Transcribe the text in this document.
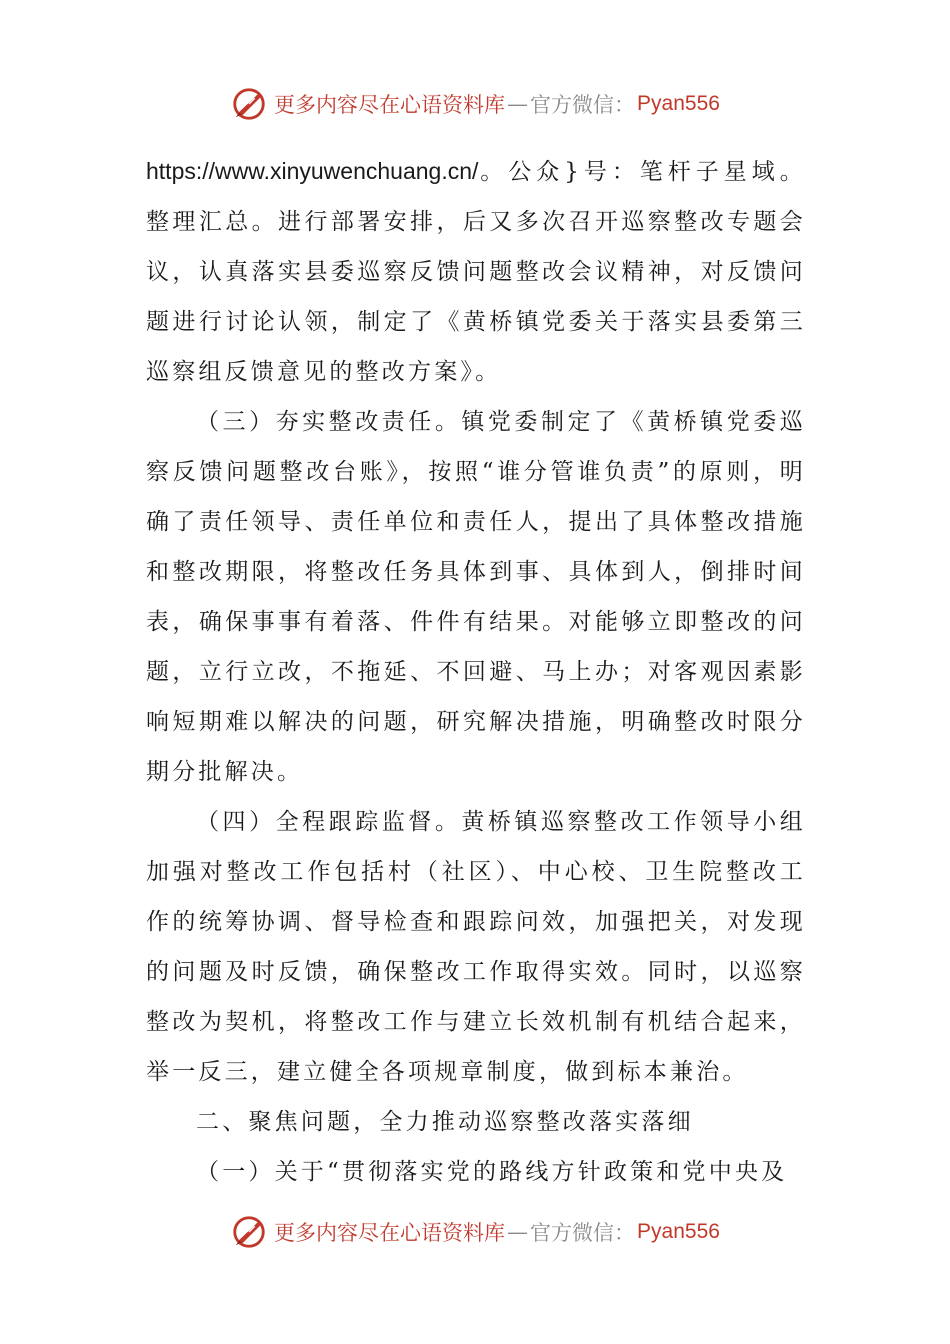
更多内容尽在心语资料库 — 官方微信： Pyan556

https://www.xinyuwenchuang.cn/。公众}号：笔杆子星域。整理汇总。进行部署安排，后又多次召开巡察整改专题会议，认真落实县委巡察反馈问题整改会议精神，对反馈问题进行讨论认领，制定了《黄桥镇党委关于落实县委第三巡察组反馈意见的整改方案》。

（三）夯实整改责任。镇党委制定了《黄桥镇党委巡察反馈问题整改台账》，按照“谁分管谁负责”的原则，明确了责任领导、责任单位和责任人，提出了具体整改措施和整改期限，将整改任务具体到事、具体到人，倒排时间表，确保事事有着落、件件有结果。对能够立即整改的问题，立行立改，不拖延、不回避、马上办；对客观因素影响短期难以解决的问题，研究解决措施，明确整改时限分期分批解决。

（四）全程跟踪监督。黄桥镇巡察整改工作领导小组加强对整改工作包括村（社区）、中心校、卫生院整改工作的统筹协调、督导检查和跟踪问效，加强把关，对发现的问题及时反馈，确保整改工作取得实效。同时，以巡察整改为契机，将整改工作与建立长效机制有机结合起来，举一反三，建立健全各项规章制度，做到标本兼治。

二、聚焦问题，全力推动巡察整改落实落细

（一）关于“贯彻落实党的路线方针政策和党中央及

更多内容尽在心语资料库 — 官方微信： Pyan556
